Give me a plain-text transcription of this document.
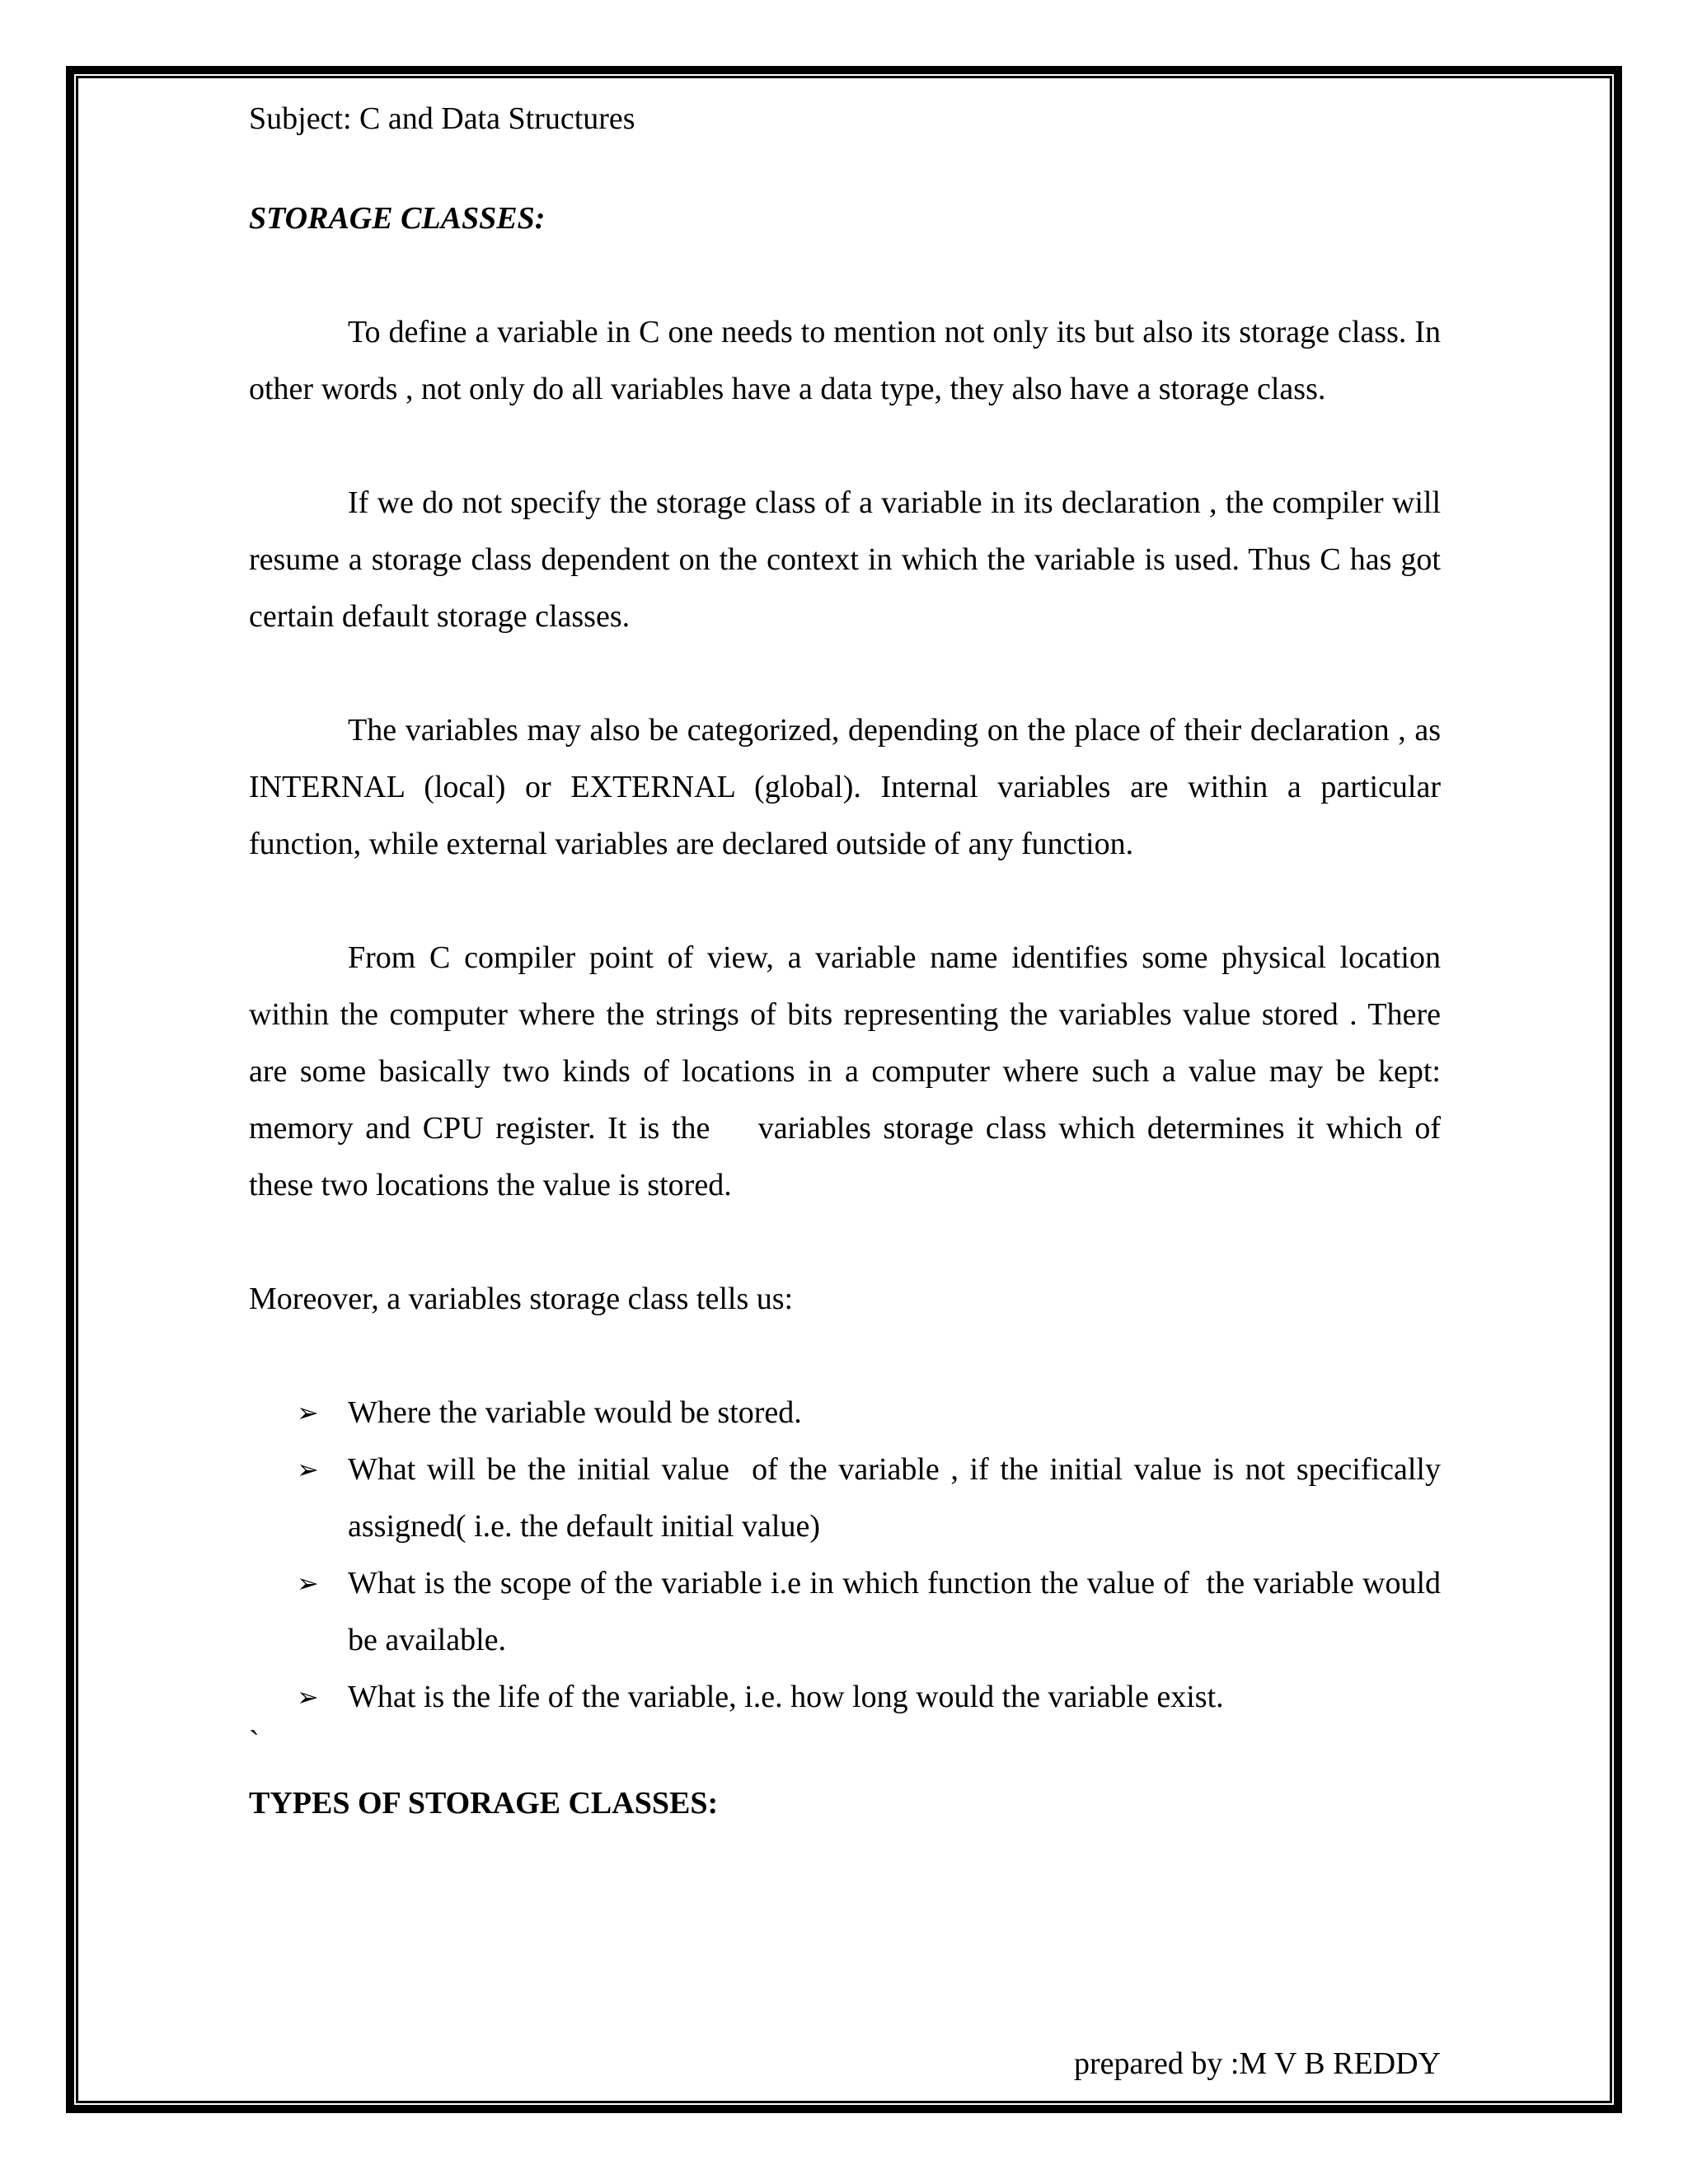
Subject: C and Data Structures

STORAGE CLASSES:

To define a variable in C one needs to mention not only its but also its storage class. In other words , not only do all variables have a data type, they also have a storage class.

If we do not specify the storage class of a variable in its declaration , the compiler will resume a storage class dependent on the context in which the variable is used. Thus C has got certain default storage classes.

The variables may also be categorized, depending on the place of their declaration , as INTERNAL (local) or EXTERNAL (global). Internal variables are within a particular function, while external variables are declared outside of any function.

From C compiler point of view, a variable name identifies some physical location within the computer where the strings of bits representing the variables value stored . There are some basically two kinds of locations in a computer where such a value may be kept: memory and CPU register. It is the    variables storage class which determines it which of these two locations the value is stored.

Moreover, a variables storage class tells us:

➢ Where the variable would be stored.
➢ What will be the initial value  of the variable , if the initial value is not specifically assigned( i.e. the default initial value)
➢ What is the scope of the variable i.e in which function the value of  the variable would be available.
➢ What is the life of the variable, i.e. how long would the variable exist.

`

TYPES OF STORAGE CLASSES:

prepared by :M V B REDDY
